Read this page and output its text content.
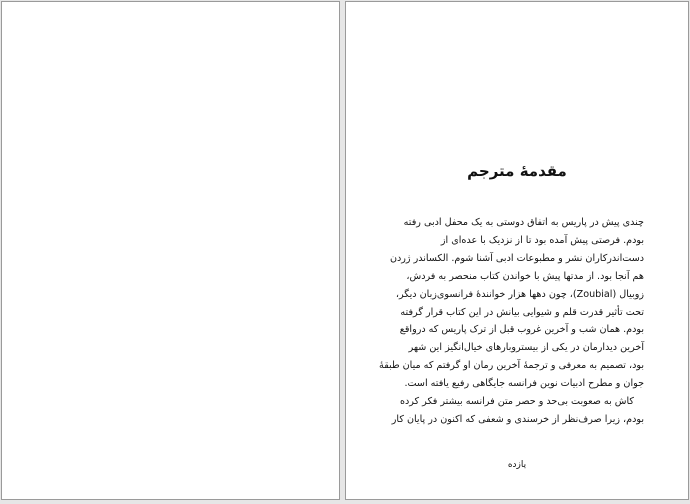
مقدمهٔ مترجم
چندی پیش در پاریس به اتفاق دوستی به یک محفل ادبی رفته
بودم. فرصتی پیش آمده بود تا از نزدیک با عده‌ای از
دست‌اندرکاران نشر و مطبوعات ادبی آشنا شوم. الکساندر ژردن
هم آنجا بود. از مدتها پیش با خواندن کتاب منحصر به فردش،
زوبیال (Zoubial)، چون دهها هزار خوانندهٔ فرانسوی‌زبان دیگر،
تحت تأثیر قدرت قلم و شیوایی بیانش در این کتاب قرار گرفته
بودم. همان شب و آخرین غروب قبل از ترک پاریس که درواقع
آخرین دیدارمان در یکی از بیستروبارهای خیال‌انگیز این شهر
بود، تصمیم به معرفی و ترجمهٔ آخرین رمان او گرفتم که میان طبقهٔ
جوان و مطرح ادبیات نوین فرانسه جایگاهی رفیع یافته است.
کاش به صعوبت بی‌حد و حصر متن فرانسه بیشتر فکر کرده
بودم، زیرا صرف‌نظر از خرسندی و شعفی که اکنون در پایان کار
یازده
